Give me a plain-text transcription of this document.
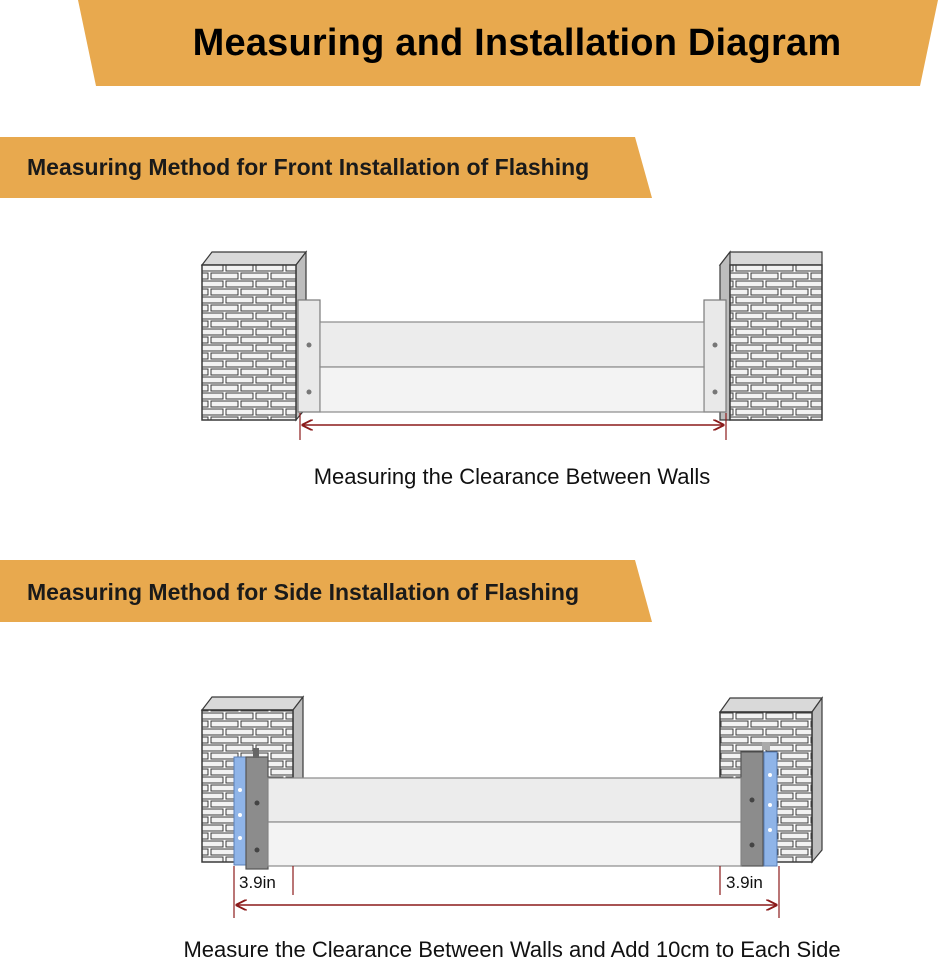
Measuring and Installation Diagram
Measuring Method for Front Installation of Flashing
Measuring the Clearance Between Walls
Measuring Method for Side Installation of Flashing
3.9in	3.9in
Measure the Clearance Between Walls and Add 10cm to Each Side
